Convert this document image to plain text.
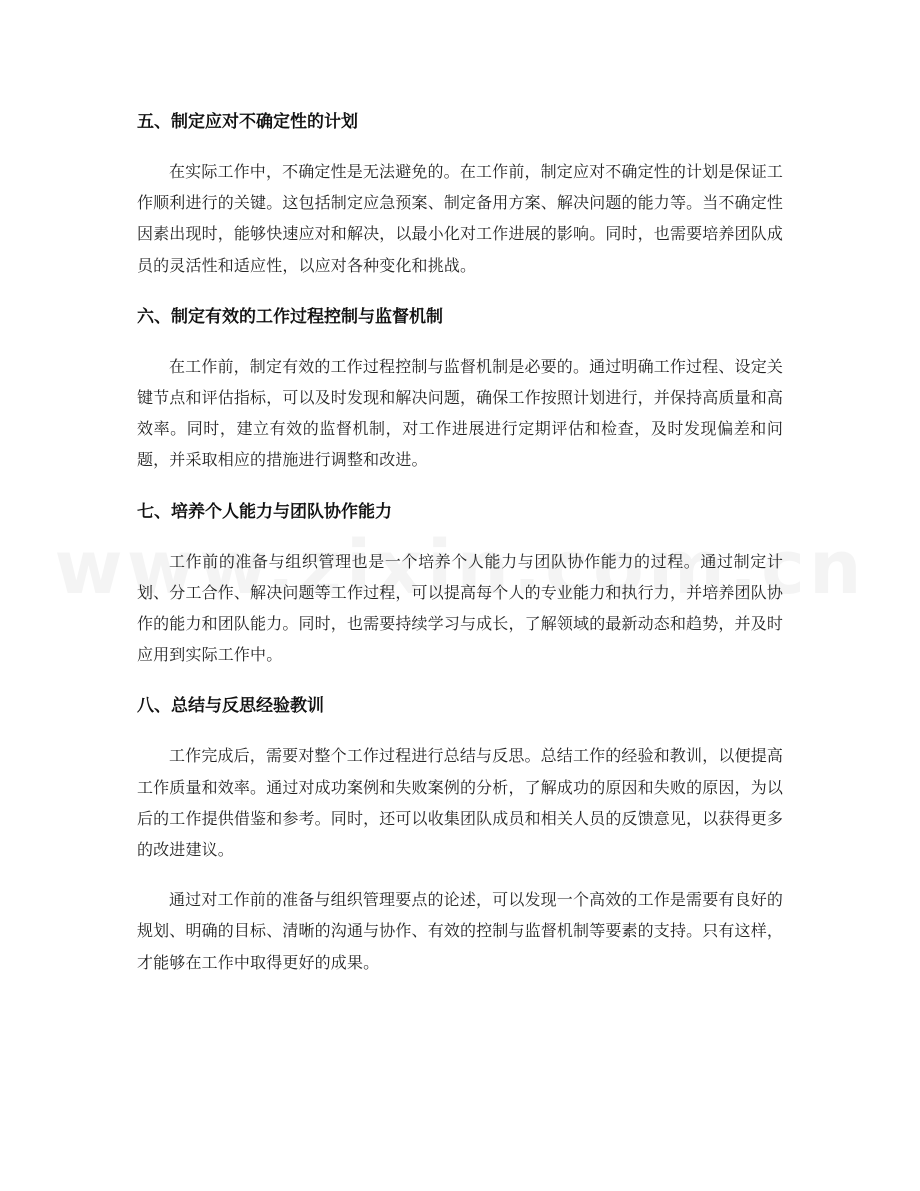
五、制定应对不确定性的计划

在实际工作中，不确定性是无法避免的。在工作前，制定应对不确定性的计划是保证工作顺利进行的关键。这包括制定应急预案、制定备用方案、解决问题的能力等。当不确定性因素出现时，能够快速应对和解决，以最小化对工作进展的影响。同时，也需要培养团队成员的灵活性和适应性，以应对各种变化和挑战。

六、制定有效的工作过程控制与监督机制

在工作前，制定有效的工作过程控制与监督机制是必要的。通过明确工作过程、设定关键节点和评估指标，可以及时发现和解决问题，确保工作按照计划进行，并保持高质量和高效率。同时，建立有效的监督机制，对工作进展进行定期评估和检查，及时发现偏差和问题，并采取相应的措施进行调整和改进。

七、培养个人能力与团队协作能力

工作前的准备与组织管理也是一个培养个人能力与团队协作能力的过程。通过制定计划、分工合作、解决问题等工作过程，可以提高每个人的专业能力和执行力，并培养团队协作的能力和团队能力。同时，也需要持续学习与成长，了解领域的最新动态和趋势，并及时应用到实际工作中。

八、总结与反思经验教训

工作完成后，需要对整个工作过程进行总结与反思。总结工作的经验和教训，以便提高工作质量和效率。通过对成功案例和失败案例的分析，了解成功的原因和失败的原因，为以后的工作提供借鉴和参考。同时，还可以收集团队成员和相关人员的反馈意见，以获得更多的改进建议。

通过对工作前的准备与组织管理要点的论述，可以发现一个高效的工作是需要有良好的规划、明确的目标、清晰的沟通与协作、有效的控制与监督机制等要素的支持。只有这样，才能够在工作中取得更好的成果。
